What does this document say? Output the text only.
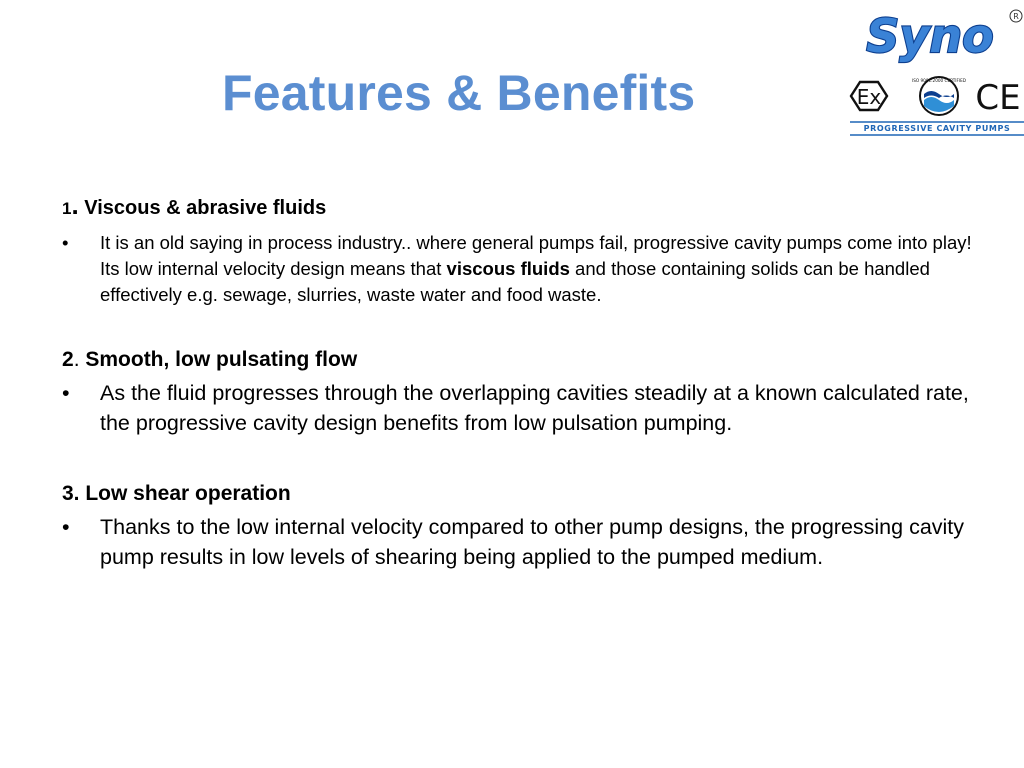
Features & Benefits
Syno R
Ex
ISO 9001:2000 CERTIFIED CE
PROGRESSIVE CAVITY PUMPS

1. Viscous & abrasive fluids

• It is an old saying in process industry.. where general pumps fail, progressive cavity pumps come into play! Its low internal velocity design means that viscous fluids and those containing solids can be handled effectively e.g. sewage, slurries, waste water and food waste.

2. Smooth, low pulsating flow

• As the fluid progresses through the overlapping cavities steadily at a known calculated rate, the progressive cavity design benefits from low pulsation pumping.

3. Low shear operation

• Thanks to the low internal velocity compared to other pump designs, the progressing cavity pump results in low levels of shearing being applied to the pumped medium.
